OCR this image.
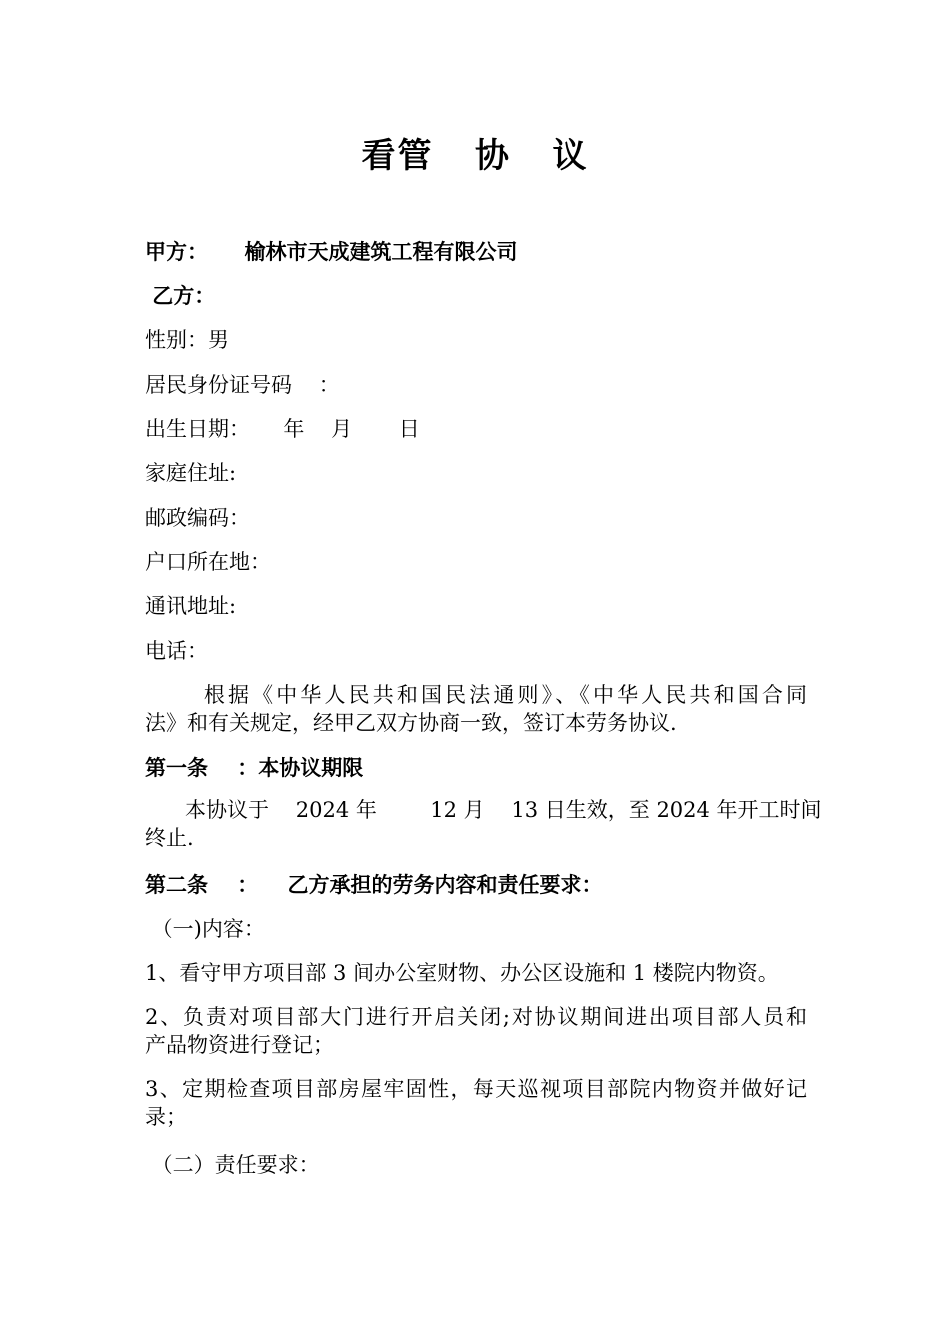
看管   协   议
甲方：     榆林市天成建筑工程有限公司
乙方：
性别：男
居民身份证号码    ：
出生日期：     年    月       日
家庭住址:
邮政编码：
户口所在地：
通讯地址:
电话：
根据《中华人民共和国民法通则》、《中华人民共和国合同
法》和有关规定，经甲乙双方协商一致，签订本劳务协议.
第一条    ：本协议期限
本协议于    2024 年        12 月    13 日生效，至 2024 年开工时间
终止.
第二条    ：    乙方承担的劳务内容和责任要求：
（一)内容：
1、看守甲方项目部 3 间办公室财物、办公区设施和 1 楼院内物资。
2、负责对项目部大门进行开启关闭;对协议期间进出项目部人员和
产品物资进行登记；
3、定期检查项目部房屋牢固性，每天巡视项目部院内物资并做好记
录；
（二）责任要求：
